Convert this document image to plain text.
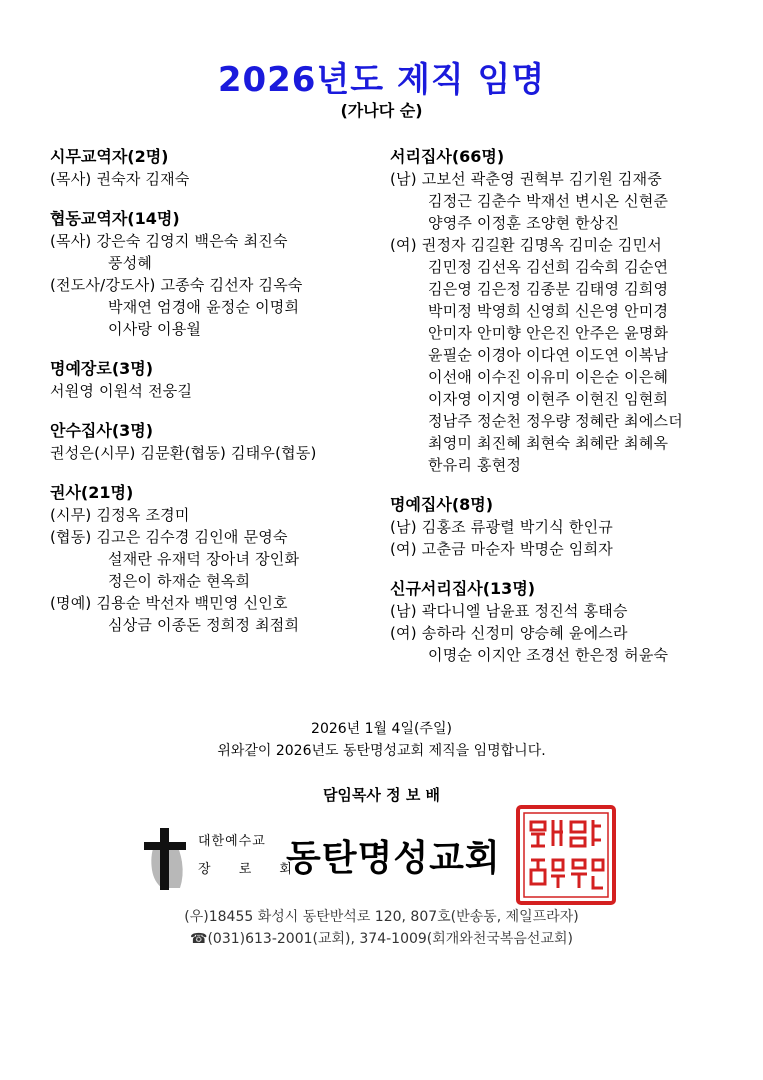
2026년도 제직 임명
(가나다 순)
시무교역자(2명)
(목사) 권숙자 김재숙
협동교역자(14명)
(목사) 강은숙 김영지 백은숙 최진숙
풍성혜
(전도사/강도사) 고종숙 김선자 김옥숙
박재연 엄경애 윤정순 이명희
이사랑 이용월
명예장로(3명)
서원영 이원석 전웅길
안수집사(3명)
권성은(시무) 김문환(협동) 김태우(협동)
권사(21명)
(시무) 김정옥 조경미
(협동) 김고은 김수경 김인애 문영숙
설재란 유재덕 장아녀 장인화
정은이 하재순 현옥희
(명예) 김용순 박선자 백민영 신인호
심상금 이종돈 정희정 최점희
서리집사(66명)
(남) 고보선 곽춘영 권혁부 김기원 김재중
김정근 김춘수 박재선 변시온 신현준
양영주 이정훈 조양현 한상진
(여) 권정자 김길환 김명옥 김미순 김민서
김민정 김선옥 김선희 김숙희 김순연
김은영 김은정 김종분 김태영 김희영
박미정 박영희 신영희 신은영 안미경
안미자 안미향 안은진 안주은 윤명화
윤필순 이경아 이다연 이도연 이복남
이선애 이수진 이유미 이은순 이은혜
이자영 이지영 이현주 이현진 임현희
정남주 정순천 정우량 정혜란 최에스더
최영미 최진혜 최현숙 최혜란 최혜옥
한유리 홍현정
명예집사(8명)
(남) 김홍조 류광렬 박기식 한인규
(여) 고춘금 마순자 박명순 임희자
신규서리집사(13명)
(남) 곽다니엘 남윤표 정진석 홍태승
(여) 송하라 신정미 양승혜 윤에스라
이명순 이지안 조경선 한은정 허윤숙
2026년 1월 4일(주일)
위와같이 2026년도 동탄명성교회 제직을 임명합니다.
담임목사 정 보 배
대한예수교
장 로 회
동탄명성교회
(우)18455 화성시 동탄반석로 120, 807호(반송동, 제일프라자)
☎(031)613-2001(교회), 374-1009(회개와천국복음선교회)
